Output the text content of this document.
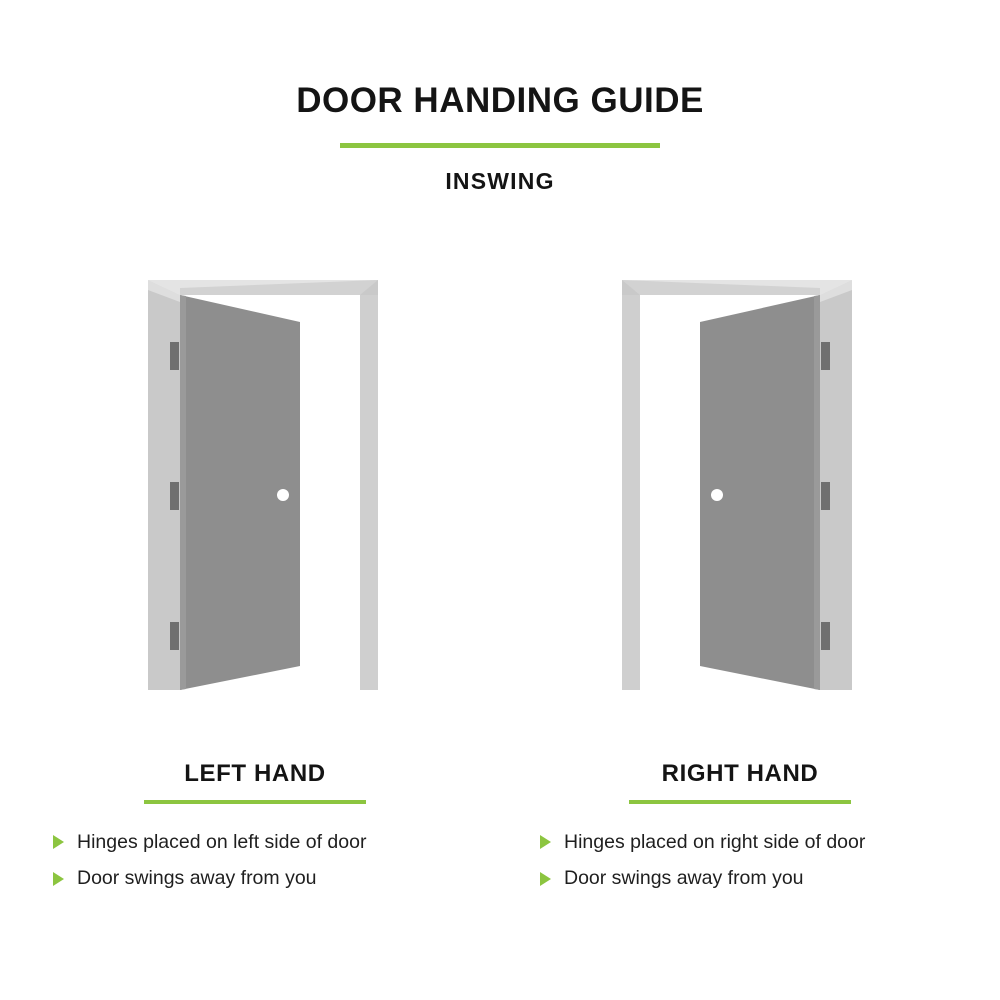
DOOR HANDING GUIDE

INSWING

LEFT HAND
Hinges placed on left side of door
Door swings away from you
RIGHT HAND
Hinges placed on right side of door
Door swings away from you
